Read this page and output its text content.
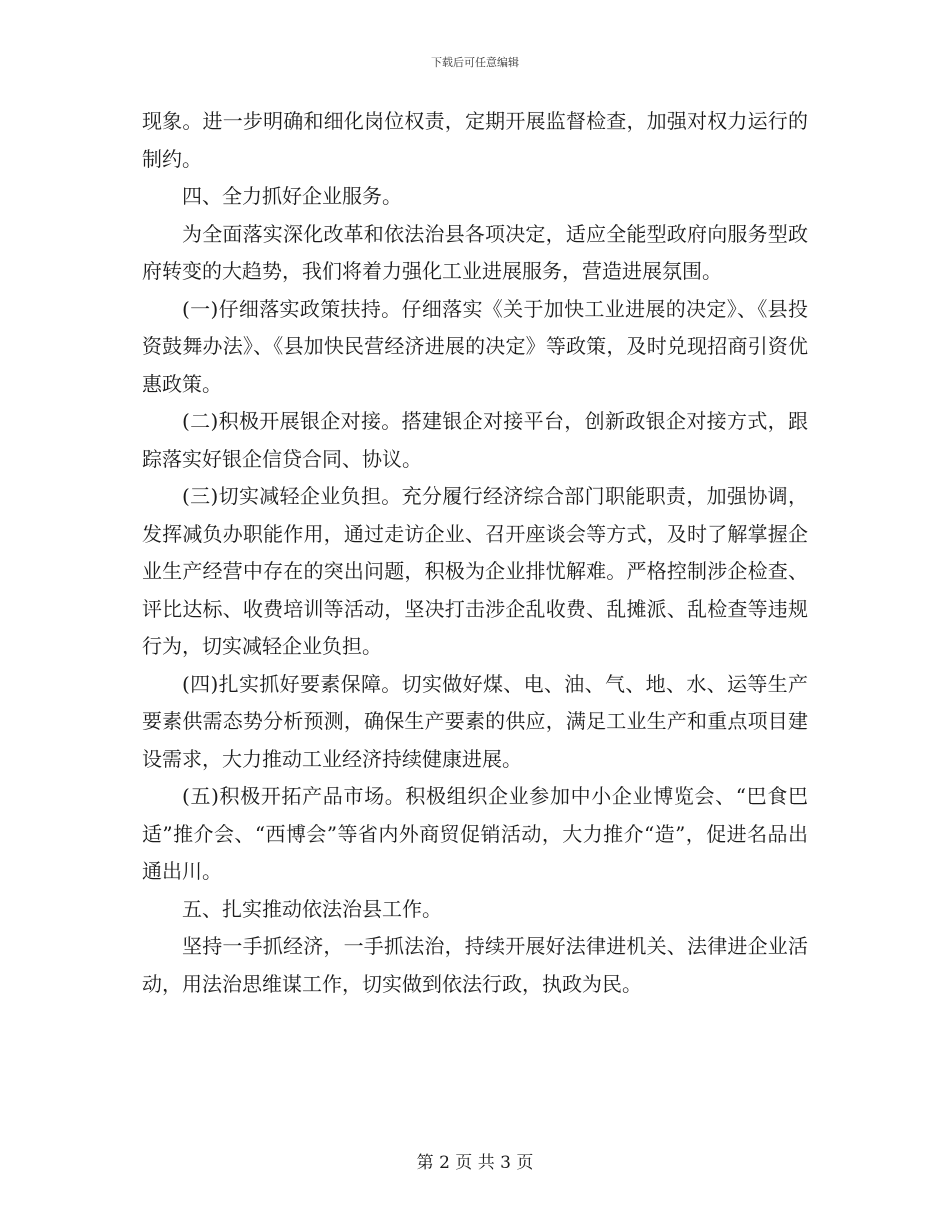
下载后可任意编辑

现象。进一步明确和细化岗位权责，定期开展监督检查，加强对权力运行的制约。

四、全力抓好企业服务。

为全面落实深化改革和依法治县各项决定，适应全能型政府向服务型政府转变的大趋势，我们将着力强化工业进展服务，营造进展氛围。

(一)仔细落实政策扶持。仔细落实《关于加快工业进展的决定》、《县投资鼓舞办法》、《县加快民营经济进展的决定》等政策，及时兑现招商引资优惠政策。

(二)积极开展银企对接。搭建银企对接平台，创新政银企对接方式，跟踪落实好银企信贷合同、协议。

(三)切实减轻企业负担。充分履行经济综合部门职能职责，加强协调，发挥减负办职能作用，通过走访企业、召开座谈会等方式，及时了解掌握企业生产经营中存在的突出问题，积极为企业排忧解难。严格控制涉企检查、评比达标、收费培训等活动，坚决打击涉企乱收费、乱摊派、乱检查等违规行为，切实减轻企业负担。

(四)扎实抓好要素保障。切实做好煤、电、油、气、地、水、运等生产要素供需态势分析预测，确保生产要素的供应，满足工业生产和重点项目建设需求，大力推动工业经济持续健康进展。

(五)积极开拓产品市场。积极组织企业参加中小企业博览会、“巴食巴适”推介会、“西博会”等省内外商贸促销活动，大力推介“造”，促进名品出通出川。

五、扎实推动依法治县工作。

坚持一手抓经济，一手抓法治，持续开展好法律进机关、法律进企业活动，用法治思维谋工作，切实做到依法行政，执政为民。

第 2 页 共 3 页
